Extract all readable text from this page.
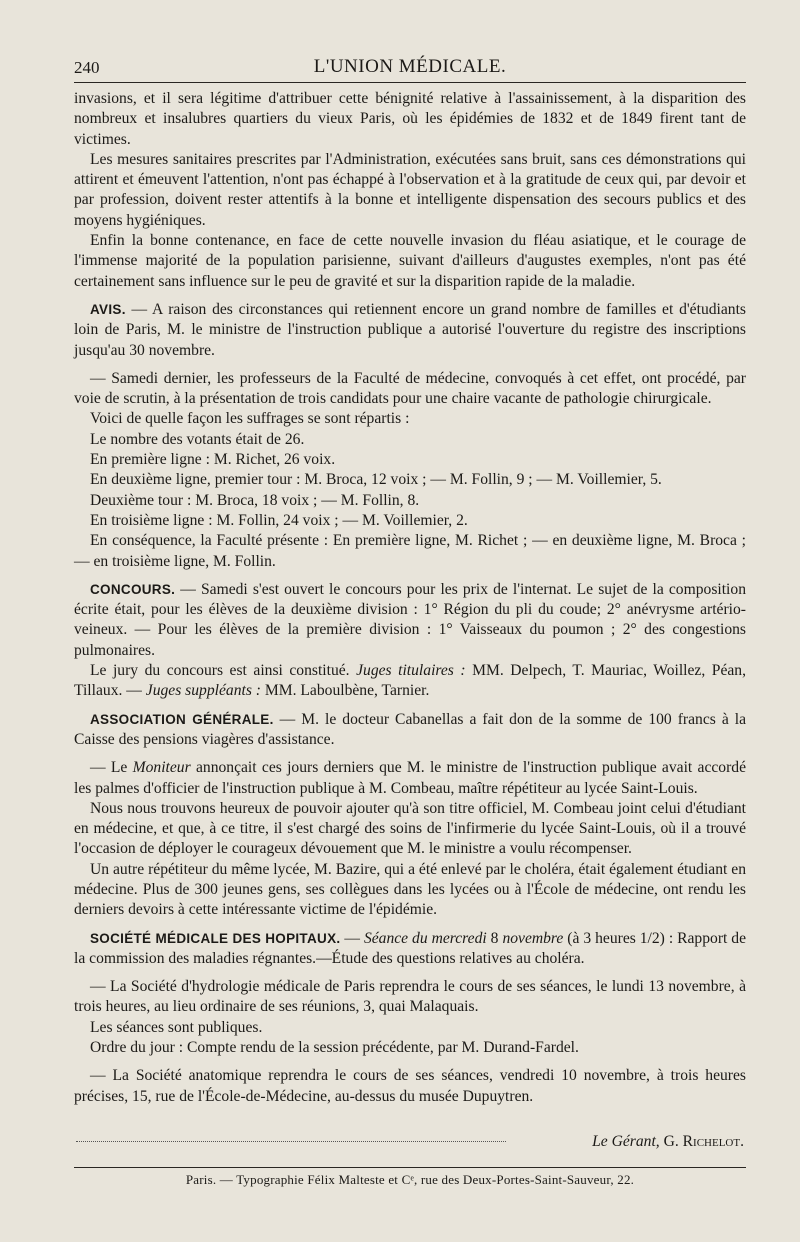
240	L'UNION MÉDICALE.

invasions, et il sera légitime d'attribuer cette bénignité relative à l'assainissement, à la disparition des nombreux et insalubres quartiers du vieux Paris, où les épidémies de 1832 et de 1849 firent tant de victimes.

Les mesures sanitaires prescrites par l'Administration, exécutées sans bruit, sans ces démonstrations qui attirent et émeuvent l'attention, n'ont pas échappé à l'observation et à la gratitude de ceux qui, par devoir et par profession, doivent rester attentifs à la bonne et intelligente dispensation des secours publics et des moyens hygiéniques.

Enfin la bonne contenance, en face de cette nouvelle invasion du fléau asiatique, et le courage de l'immense majorité de la population parisienne, suivant d'ailleurs d'augustes exemples, n'ont pas été certainement sans influence sur le peu de gravité et sur la disparition rapide de la maladie.

AVIS. — A raison des circonstances qui retiennent encore un grand nombre de familles et d'étudiants loin de Paris, M. le ministre de l'instruction publique a autorisé l'ouverture du registre des inscriptions jusqu'au 30 novembre.

— Samedi dernier, les professeurs de la Faculté de médecine, convoqués à cet effet, ont procédé, par voie de scrutin, à la présentation de trois candidats pour une chaire vacante de pathologie chirurgicale.

Voici de quelle façon les suffrages se sont répartis :

Le nombre des votants était de 26.

En première ligne : M. Richet, 26 voix.

En deuxième ligne, premier tour : M. Broca, 12 voix ; — M. Follin, 9 ; — M. Voillemier, 5.

Deuxième tour : M. Broca, 18 voix ; — M. Follin, 8.

En troisième ligne : M. Follin, 24 voix ; — M. Voillemier, 2.

En conséquence, la Faculté présente : En première ligne, M. Richet ; — en deuxième ligne, M. Broca ; — en troisième ligne, M. Follin.

CONCOURS. — Samedi s'est ouvert le concours pour les prix de l'internat. Le sujet de la composition écrite était, pour les élèves de la deuxième division : 1° Région du pli du coude; 2° anévrysme artério-veineux. — Pour les élèves de la première division : 1° Vaisseaux du poumon ; 2° des congestions pulmonaires.

Le jury du concours est ainsi constitué. Juges titulaires : MM. Delpech, T. Mauriac, Woillez, Péan, Tillaux. — Juges suppléants : MM. Laboulbène, Tarnier.

ASSOCIATION GÉNÉRALE. — M. le docteur Cabanellas a fait don de la somme de 100 francs à la Caisse des pensions viagères d'assistance.

— Le Moniteur annonçait ces jours derniers que M. le ministre de l'instruction publique avait accordé les palmes d'officier de l'instruction publique à M. Combeau, maître répétiteur au lycée Saint-Louis.

Nous nous trouvons heureux de pouvoir ajouter qu'à son titre officiel, M. Combeau joint celui d'étudiant en médecine, et que, à ce titre, il s'est chargé des soins de l'infirmerie du lycée Saint-Louis, où il a trouvé l'occasion de déployer le courageux dévouement que M. le ministre a voulu récompenser.

Un autre répétiteur du même lycée, M. Bazire, qui a été enlevé par le choléra, était également étudiant en médecine. Plus de 300 jeunes gens, ses collègues dans les lycées ou à l'École de médecine, ont rendu les derniers devoirs à cette intéressante victime de l'épidémie.

SOCIÉTÉ MÉDICALE DES HOPITAUX. — Séance du mercredi 8 novembre (à 3 heures 1/2) : Rapport de la commission des maladies régnantes.—Étude des questions relatives au choléra.

— La Société d'hydrologie médicale de Paris reprendra le cours de ses séances, le lundi 13 novembre, à trois heures, au lieu ordinaire de ses réunions, 3, quai Malaquais.

Les séances sont publiques.

Ordre du jour : Compte rendu de la session précédente, par M. Durand-Fardel.

— La Société anatomique reprendra le cours de ses séances, vendredi 10 novembre, à trois heures précises, 15, rue de l'École-de-Médecine, au-dessus du musée Dupuytren.

Le Gérant, G. Richelot.
Paris. — Typographie Félix Malteste et Cᵉ, rue des Deux-Portes-Saint-Sauveur, 22.
